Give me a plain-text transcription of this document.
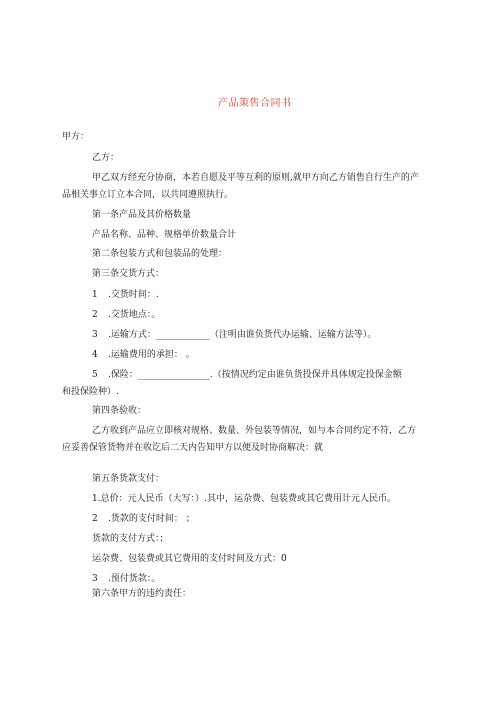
产品策售合同书
甲方：
乙方：
甲乙双方经充分协商，本若自愿及平等互利的原则,就甲方向乙方销售自行生产的产
品相关事立订立本合同，以共同遵照执行。
第一条产品及其价格数量
产品名称、品种、规格单价数量合计
第二条包装方式和包装品的处理：
第三条交货方式：
1 .交货时间：.
2 .交货地点：。
3 .运输方式：____________（注明由谁负货代办运输、运输方法等）。
4 .运输费用的承担： 。
5 .保险：________________.（按情况约定由谁负货投保并具体规定投保金额
和投保险种）.
第四条验收：
乙方收到产品应立即核对规格、数量、外包装等情况，如与本合同约定不符，乙方
应妥善保管货物并在收讫后二天内告知甲方以便及时协商解决：就
第五条货款支付：
1.总价：元人民币（大写：）.其中，运杂费、包装费或其它费用计元人民币。
2 .货款的支付时间： ；
货款的支付方式：；
运杂费、包装费或其它费用的支付时间及方式：0
3 .预付货款：。
第六条甲方的违约责任：
